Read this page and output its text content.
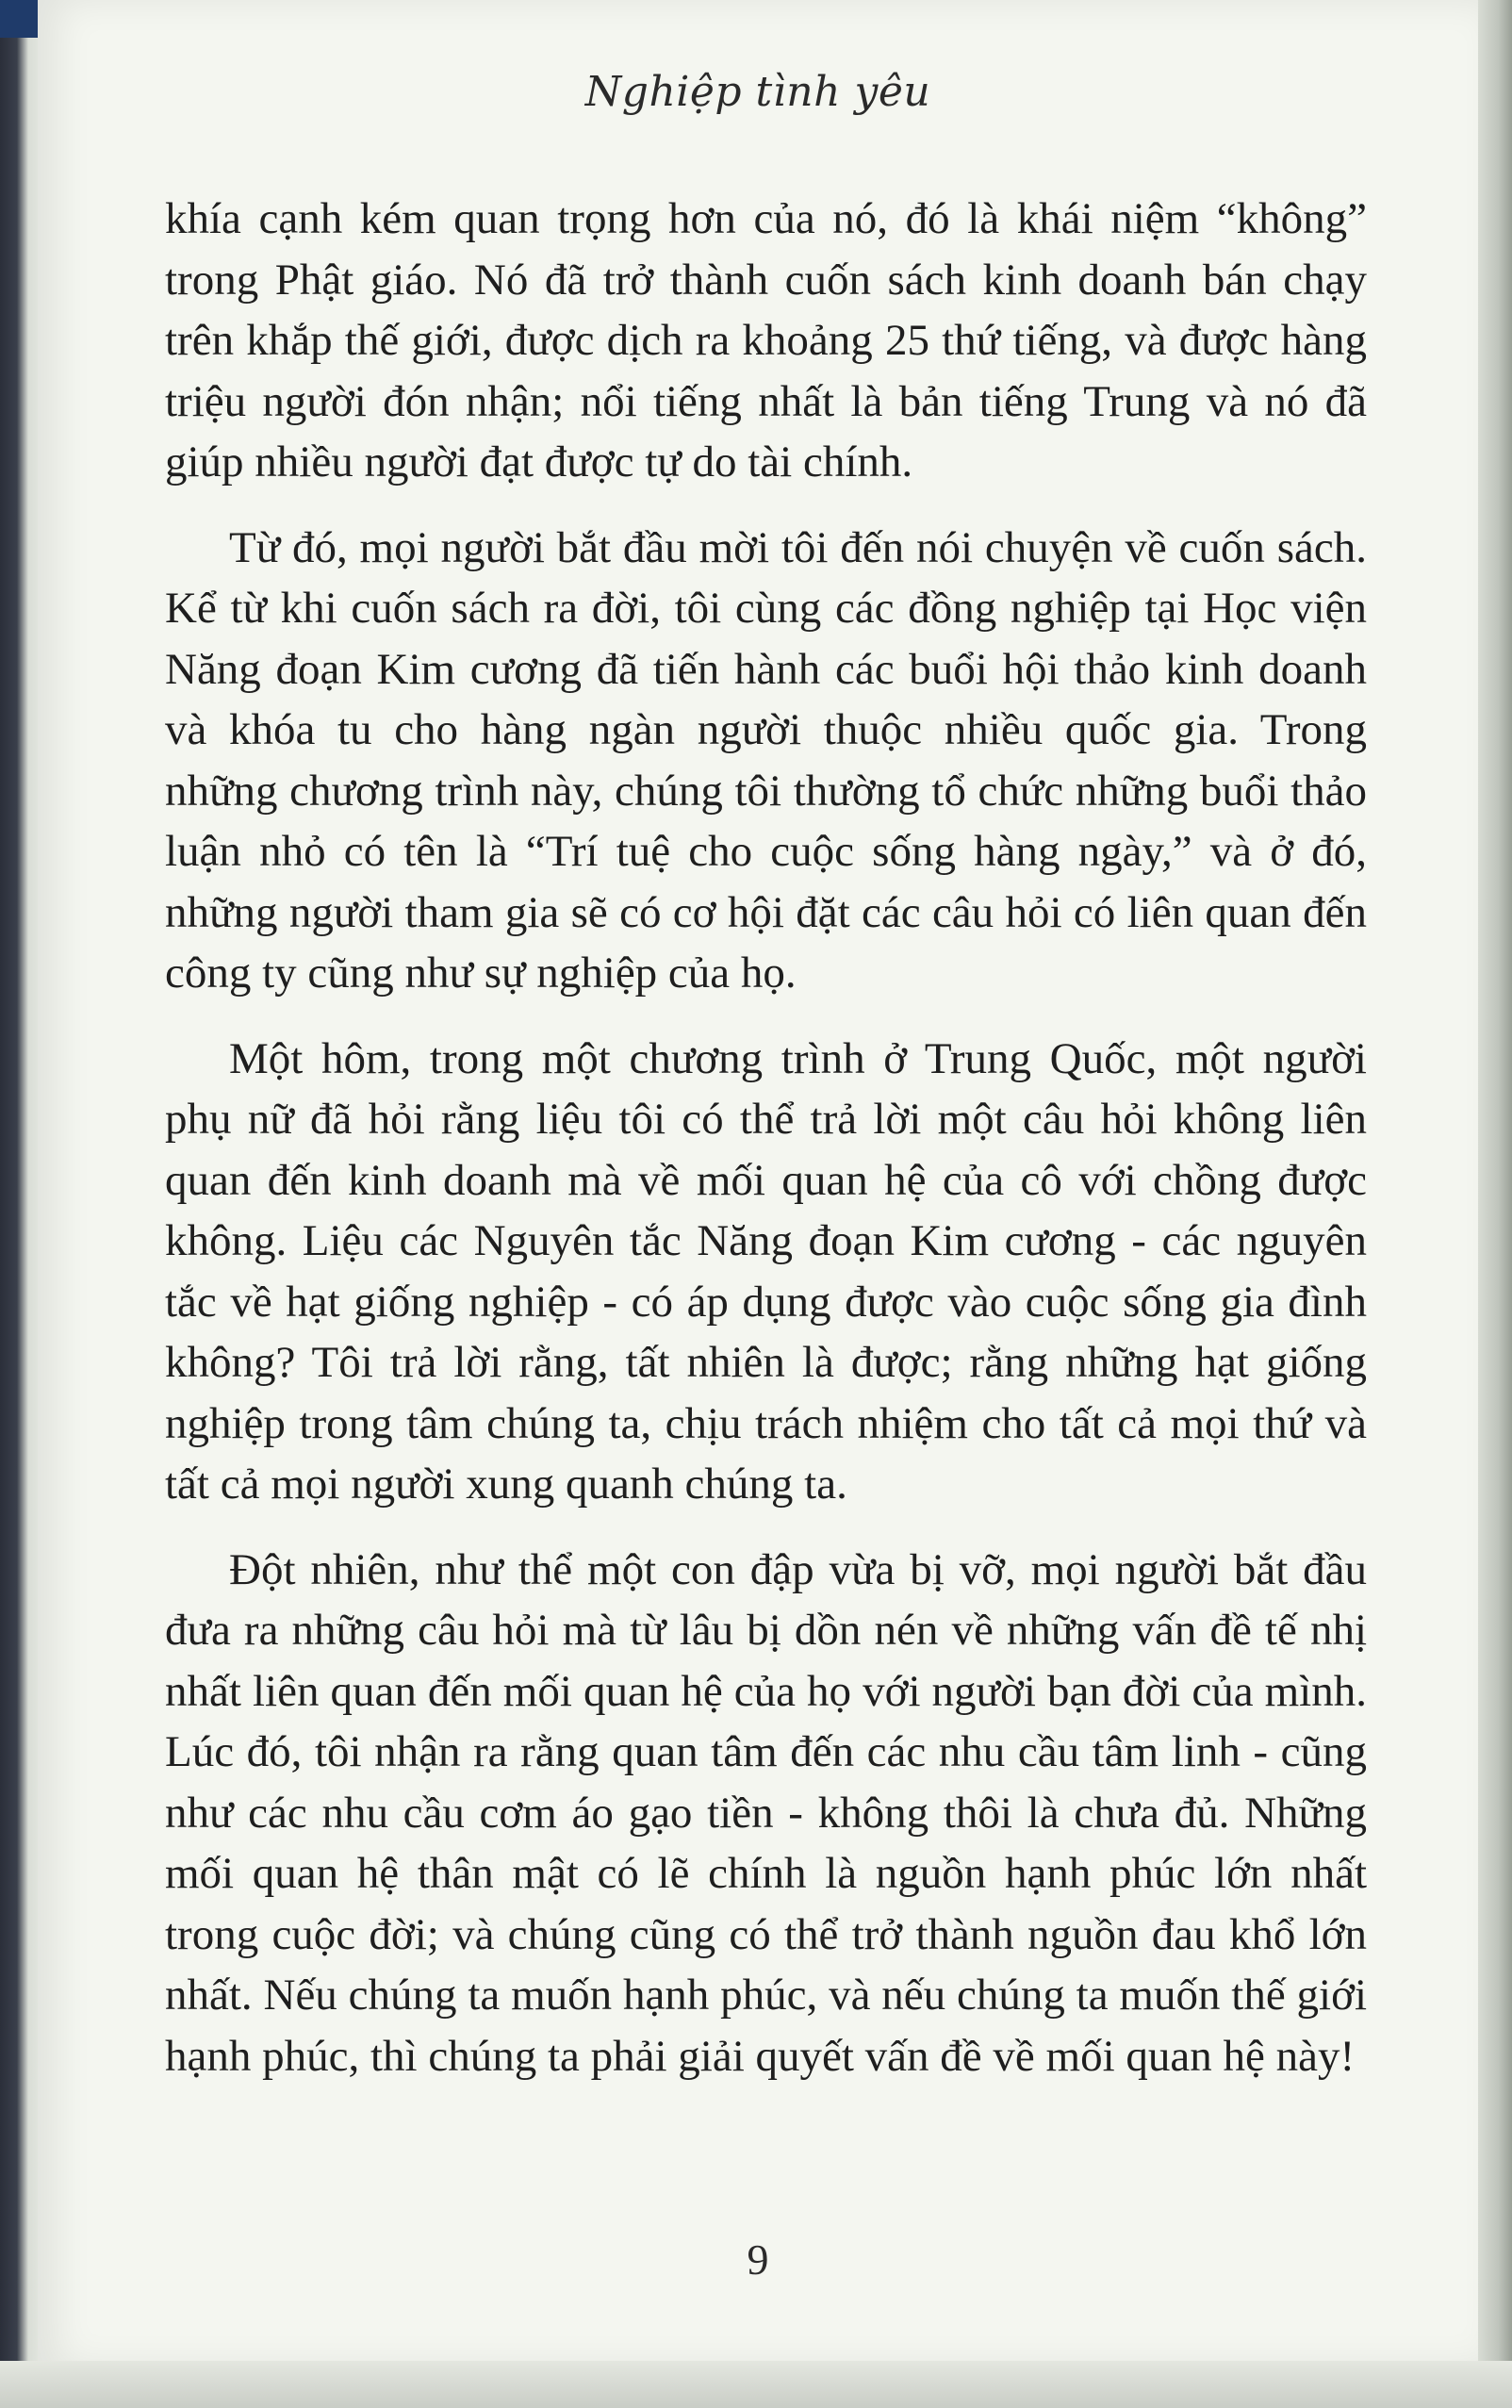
Nghiệp tình yêu

khía cạnh kém quan trọng hơn của nó, đó là khái niệm “không” trong Phật giáo. Nó đã trở thành cuốn sách kinh doanh bán chạy trên khắp thế giới, được dịch ra khoảng 25 thứ tiếng, và được hàng triệu người đón nhận; nổi tiếng nhất là bản tiếng Trung và nó đã giúp nhiều người đạt được tự do tài chính.

Từ đó, mọi người bắt đầu mời tôi đến nói chuyện về cuốn sách. Kể từ khi cuốn sách ra đời, tôi cùng các đồng nghiệp tại Học viện Năng đoạn Kim cương đã tiến hành các buổi hội thảo kinh doanh và khóa tu cho hàng ngàn người thuộc nhiều quốc gia. Trong những chương trình này, chúng tôi thường tổ chức những buổi thảo luận nhỏ có tên là “Trí tuệ cho cuộc sống hàng ngày,” và ở đó, những người tham gia sẽ có cơ hội đặt các câu hỏi có liên quan đến công ty cũng như sự nghiệp của họ.

Một hôm, trong một chương trình ở Trung Quốc, một người phụ nữ đã hỏi rằng liệu tôi có thể trả lời một câu hỏi không liên quan đến kinh doanh mà về mối quan hệ của cô với chồng được không. Liệu các Nguyên tắc Năng đoạn Kim cương - các nguyên tắc về hạt giống nghiệp - có áp dụng được vào cuộc sống gia đình không? Tôi trả lời rằng, tất nhiên là được; rằng những hạt giống nghiệp trong tâm chúng ta, chịu trách nhiệm cho tất cả mọi thứ và tất cả mọi người xung quanh chúng ta.

Đột nhiên, như thể một con đập vừa bị vỡ, mọi người bắt đầu đưa ra những câu hỏi mà từ lâu bị dồn nén về những vấn đề tế nhị nhất liên quan đến mối quan hệ của họ với người bạn đời của mình. Lúc đó, tôi nhận ra rằng quan tâm đến các nhu cầu tâm linh - cũng như các nhu cầu cơm áo gạo tiền - không thôi là chưa đủ. Những mối quan hệ thân mật có lẽ chính là nguồn hạnh phúc lớn nhất trong cuộc đời; và chúng cũng có thể trở thành nguồn đau khổ lớn nhất. Nếu chúng ta muốn hạnh phúc, và nếu chúng ta muốn thế giới hạnh phúc, thì chúng ta phải giải quyết vấn đề về mối quan hệ này!

9
